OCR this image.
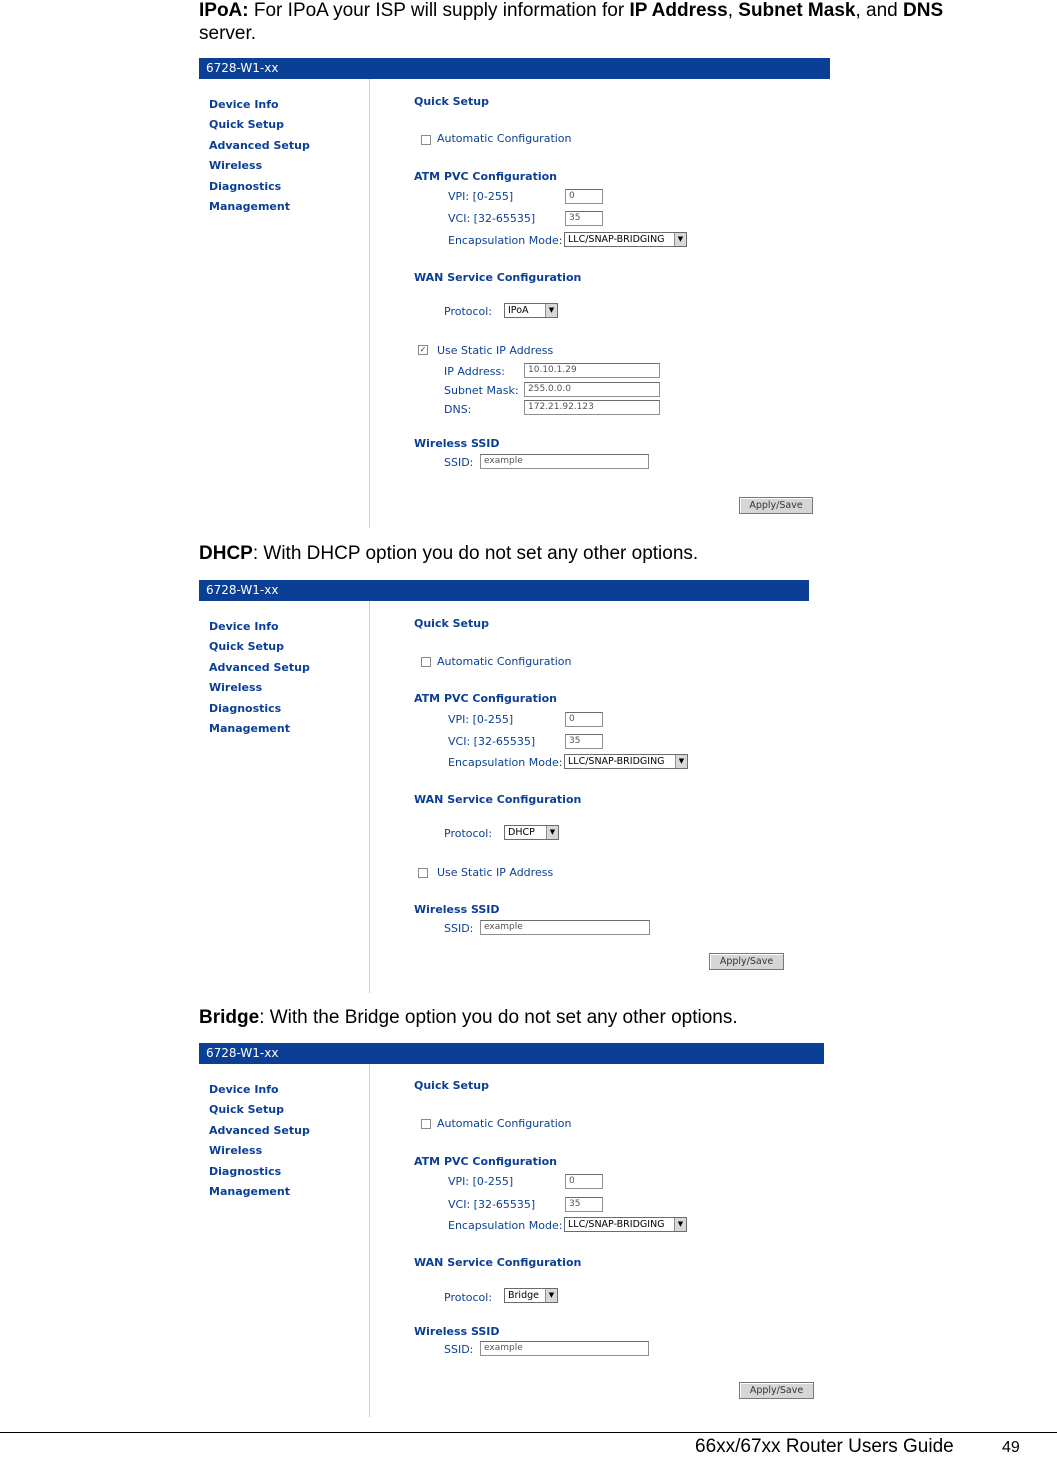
IPoA: For IPoA your ISP will supply information for IP Address, Subnet Mask, and DNS
server.
6728-W1-xx
Device Info
Quick Setup
Advanced Setup
Wireless
Diagnostics
Management
Quick Setup
Automatic Configuration
ATM PVC Configuration
VPI: [0-255]	0
VCI: [32-65535]	35
Encapsulation Mode: LLC/SNAP-BRIDGING	▼
WAN Service Configuration
Protocol:	IPoA	▼
✓ Use Static IP Address
IP Address:	10.10.1.29
Subnet Mask:	255.0.0.0
DNS:	172.21.92.123
Wireless SSID
SSID:	example
Apply/Save
DHCP: With DHCP option you do not set any other options.
6728-W1-xx
Device Info
Quick Setup
Advanced Setup
Wireless
Diagnostics
Management
Quick Setup
Automatic Configuration
ATM PVC Configuration
VPI: [0-255]	0
VCI: [32-65535]	35
Encapsulation Mode: LLC/SNAP-BRIDGING	▼
WAN Service Configuration
Protocol:	DHCP	▼
Use Static IP Address
Wireless SSID
SSID:	example
Apply/Save
Bridge: With the Bridge option you do not set any other options.
6728-W1-xx
Device Info
Quick Setup
Advanced Setup
Wireless
Diagnostics
Management
Quick Setup
Automatic Configuration
ATM PVC Configuration
VPI: [0-255]	0
VCI: [32-65535]	35
Encapsulation Mode: LLC/SNAP-BRIDGING	▼
WAN Service Configuration
Protocol:	Bridge	▼
Wireless SSID
SSID:	example
Apply/Save
66xx/67xx Router Users Guide	49
